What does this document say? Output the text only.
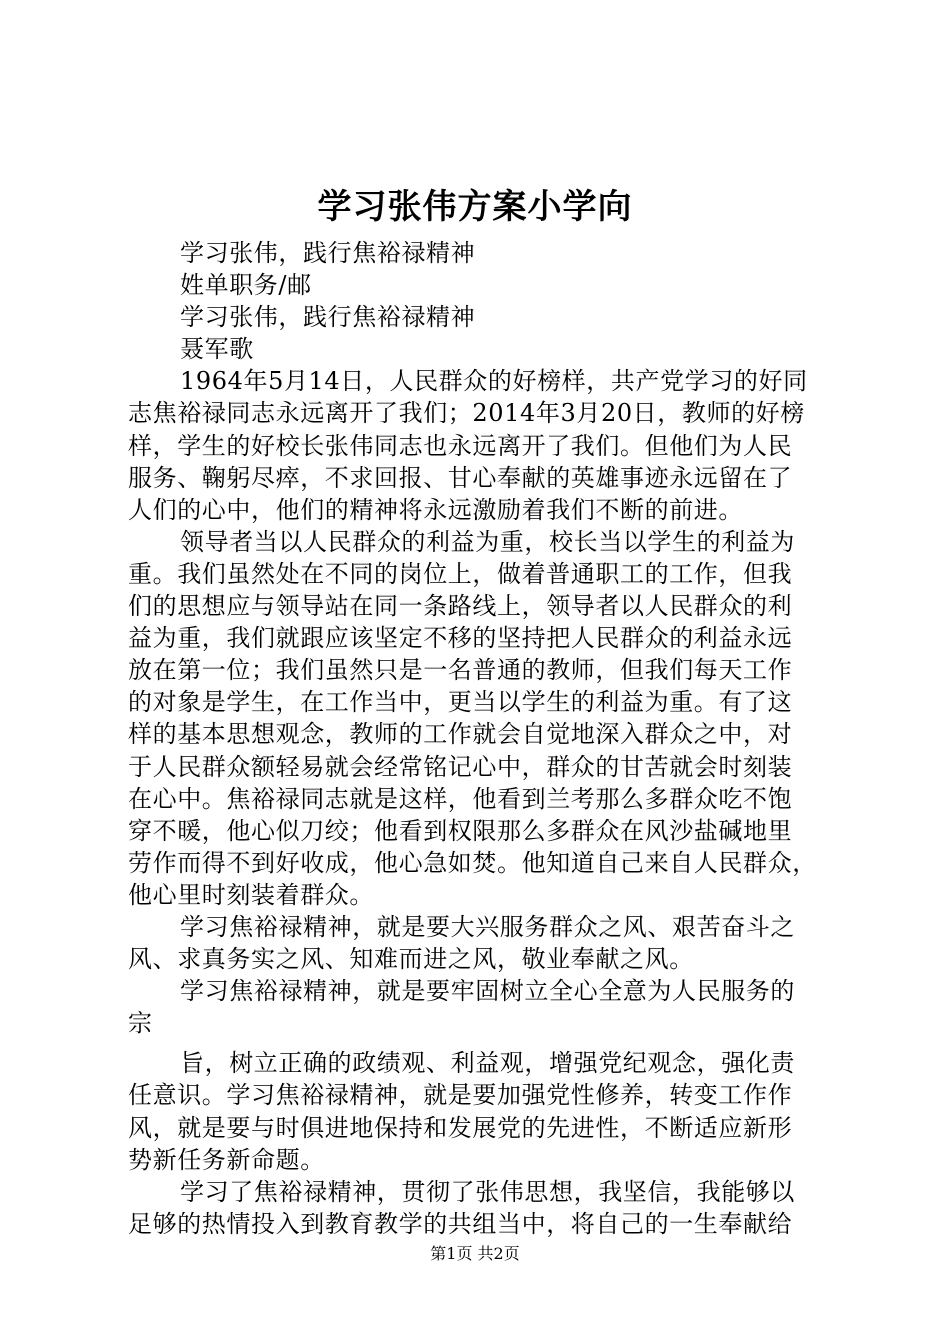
学习张伟方案小学向
学习张伟，践行焦裕禄精神
姓单职务/邮
学习张伟，践行焦裕禄精神
聂军歌
1964年5月14日，人民群众的好榜样，共产党学习的好同
志焦裕禄同志永远离开了我们；2014年3月20日，教师的好榜
样，学生的好校长张伟同志也永远离开了我们。但他们为人民
服务、鞠躬尽瘁，不求回报、甘心奉献的英雄事迹永远留在了
人们的心中，他们的精神将永远激励着我们不断的前进。
领导者当以人民群众的利益为重，校长当以学生的利益为
重。我们虽然处在不同的岗位上，做着普通职工的工作，但我
们的思想应与领导站在同一条路线上，领导者以人民群众的利
益为重，我们就跟应该坚定不移的坚持把人民群众的利益永远
放在第一位；我们虽然只是一名普通的教师，但我们每天工作
的对象是学生，在工作当中，更当以学生的利益为重。有了这
样的基本思想观念，教师的工作就会自觉地深入群众之中，对
于人民群众额轻易就会经常铭记心中，群众的甘苦就会时刻装
在心中。焦裕禄同志就是这样，他看到兰考那么多群众吃不饱
穿不暖，他心似刀绞；他看到权限那么多群众在风沙盐碱地里
劳作而得不到好收成，他心急如焚。他知道自己来自人民群众，
他心里时刻装着群众。
学习焦裕禄精神，就是要大兴服务群众之风、艰苦奋斗之
风、求真务实之风、知难而进之风，敬业奉献之风。
学习焦裕禄精神，就是要牢固树立全心全意为人民服务的
宗
旨，树立正确的政绩观、利益观，增强党纪观念，强化责
任意识。学习焦裕禄精神，就是要加强党性修养，转变工作作
风，就是要与时俱进地保持和发展党的先进性，不断适应新形
势新任务新命题。
学习了焦裕禄精神，贯彻了张伟思想，我坚信，我能够以
足够的热情投入到教育教学的共组当中，将自己的一生奉献给
第1页 共2页
